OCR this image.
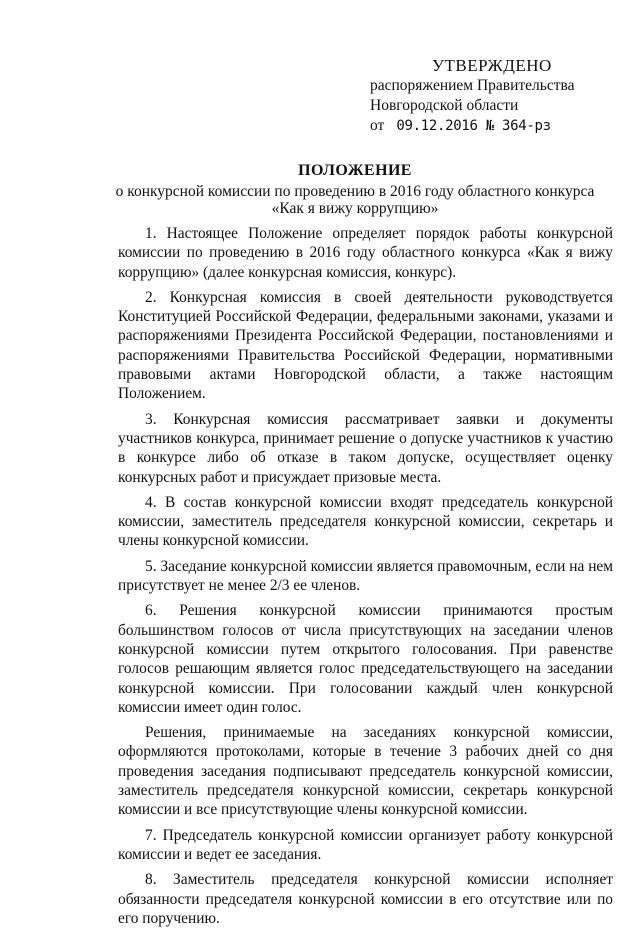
УТВЕРЖДЕНО
распоряжением Правительства
Новгородской области
от 09.12.2016 № 364-рз
ПОЛОЖЕНИЕ
о конкурсной комиссии по проведению в 2016 году областного конкурса
«Как я вижу коррупцию»

1. Настоящее Положение определяет порядок работы конкурсной комиссии по проведению в 2016 году областного конкурса «Как я вижу коррупцию» (далее конкурсная комиссия, конкурс).

2. Конкурсная комиссия в своей деятельности руководствуется Конституцией Российской Федерации, федеральными законами, указами и распоряжениями Президента Российской Федерации, постановлениями и распоряжениями Правительства Российской Федерации, нормативными правовыми актами Новгородской области, а также настоящим Положением.

3. Конкурсная комиссия рассматривает заявки и документы участников конкурса, принимает решение о допуске участников к участию в конкурсе либо об отказе в таком допуске, осуществляет оценку конкурсных работ и присуждает призовые места.

4. В состав конкурсной комиссии входят председатель конкурсной комиссии, заместитель председателя конкурсной комиссии, секретарь и члены конкурсной комиссии.

5. Заседание конкурсной комиссии является правомочным, если на нем присутствует не менее 2/3 ее членов.

6. Решения конкурсной комиссии принимаются простым большинством голосов от числа присутствующих на заседании членов конкурсной комиссии путем открытого голосования. При равенстве голосов решающим является голос председательствующего на заседании конкурсной комиссии. При голосовании каждый член конкурсной комиссии имеет один голос.

Решения, принимаемые на заседаниях конкурсной комиссии, оформляются протоколами, которые в течение 3 рабочих дней со дня проведения заседания подписывают председатель конкурсной комиссии, заместитель председателя конкурсной комиссии, секретарь конкурсной комиссии и все присутствующие члены конкурсной комиссии.

7. Председатель конкурсной комиссии организует работу конкурсной комиссии и ведет ее заседания.

8. Заместитель председателя конкурсной комиссии исполняет обязанности председателя конкурсной комиссии в его отсутствие или по его поручению.
